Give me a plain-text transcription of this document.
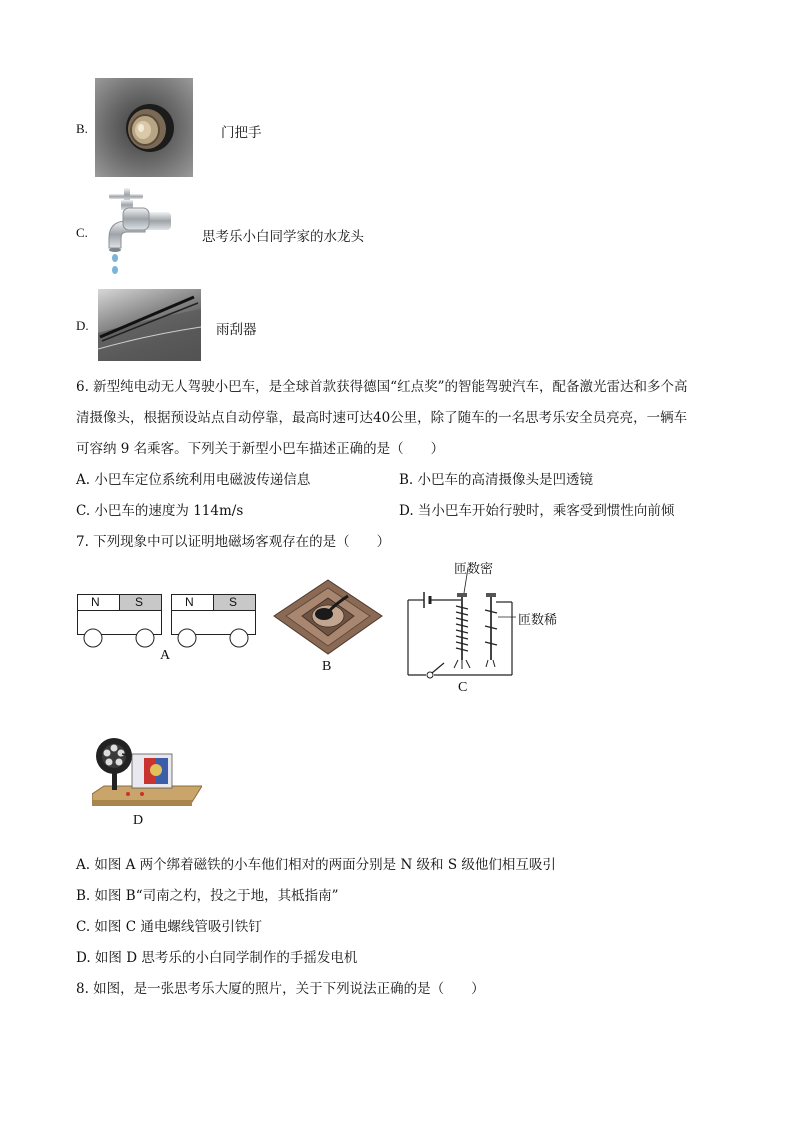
B.	门把手
C.	思考乐小白同学家的水龙头
D.	雨刮器
6. 新型纯电动无人驾驶小巴车，是全球首款获得德国“红点奖”的智能驾驶汽车，配备激光雷达和多个高
清摄像头，根据预设站点自动停靠，最高时速可达40公里，除了随车的一名思考乐安全员亮亮，一辆车
可容纳 9 名乘客。下列关于新型小巴车描述正确的是（　　）
A. 小巴车定位系统利用电磁波传递信息	B. 小巴车的高清摄像头是凹透镜
C. 小巴车的速度为 114m/s	D. 当小巴车开始行驶时，乘客受到惯性向前倾
7. 下列现象中可以证明地磁场客观存在的是（　　）
N	S	N	S
A
B
匝数密
匝数稀
C
D
A. 如图 A 两个绑着磁铁的小车他们相对的两面分别是 N 级和 S 级他们相互吸引
B. 如图 B“司南之杓，投之于地，其柢指南”
C. 如图 C 通电螺线管吸引铁钉
D. 如图 D 思考乐的小白同学制作的手摇发电机
8. 如图，是一张思考乐大厦的照片，关于下列说法正确的是（　　）
